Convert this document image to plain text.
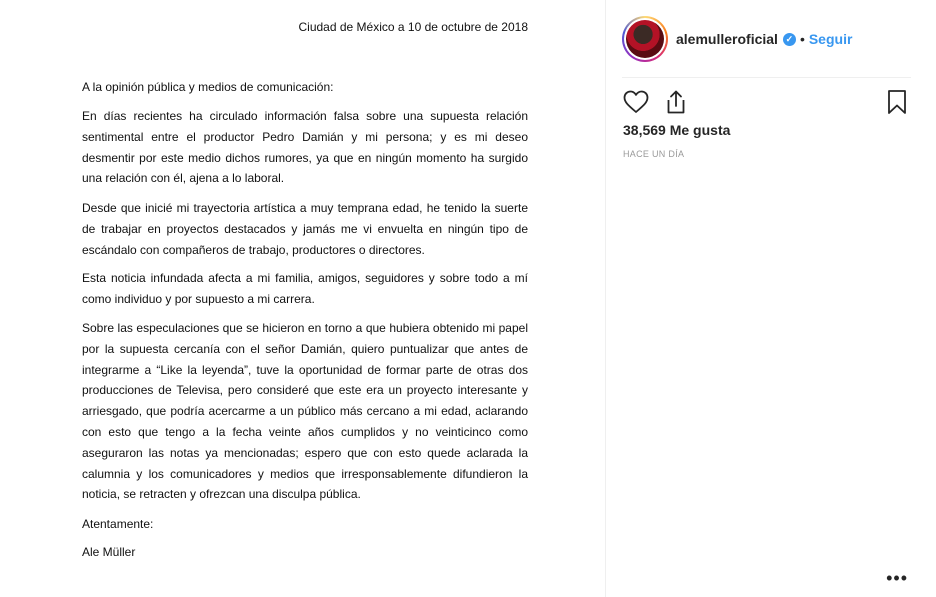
Ciudad de México a 10 de octubre de 2018
A la opinión pública y medios de comunicación:
En días recientes ha circulado información falsa sobre una supuesta relación sentimental entre el productor Pedro Damián y mi persona; y es mi deseo desmentir por este medio dichos rumores, ya que en ningún momento ha surgido una relación con él, ajena a lo laboral.
Desde que inicié mi trayectoria artística a muy temprana edad, he tenido la suerte de trabajar en proyectos destacados y jamás me vi envuelta en ningún tipo de escándalo con compañeros de trabajo, productores o directores.
Esta noticia infundada afecta a mi familia, amigos, seguidores y sobre todo a mí como individuo y por supuesto a mi carrera.
Sobre las especulaciones que se hicieron en torno a que hubiera obtenido mi papel por la supuesta cercanía con el señor Damián, quiero puntualizar que antes de integrarme a “Like la leyenda”, tuve la oportunidad de formar parte de otras dos producciones de Televisa, pero consideré que este era un proyecto interesante y arriesgado, que podría acercarme a un público más cercano a mi edad, aclarando con esto que tengo a la fecha veinte años cumplidos y no veinticinco como aseguraron las notas ya mencionadas; espero que con esto quede aclarada la calumnia y los comunicadores y medios que irresponsablemente difundieron la noticia, se retracten y ofrezcan una disculpa pública.
Atentamente:
Ale Müller
alemulleroficial ✓ • Seguir
38,569 Me gusta
HACE UN DÍA
•••
